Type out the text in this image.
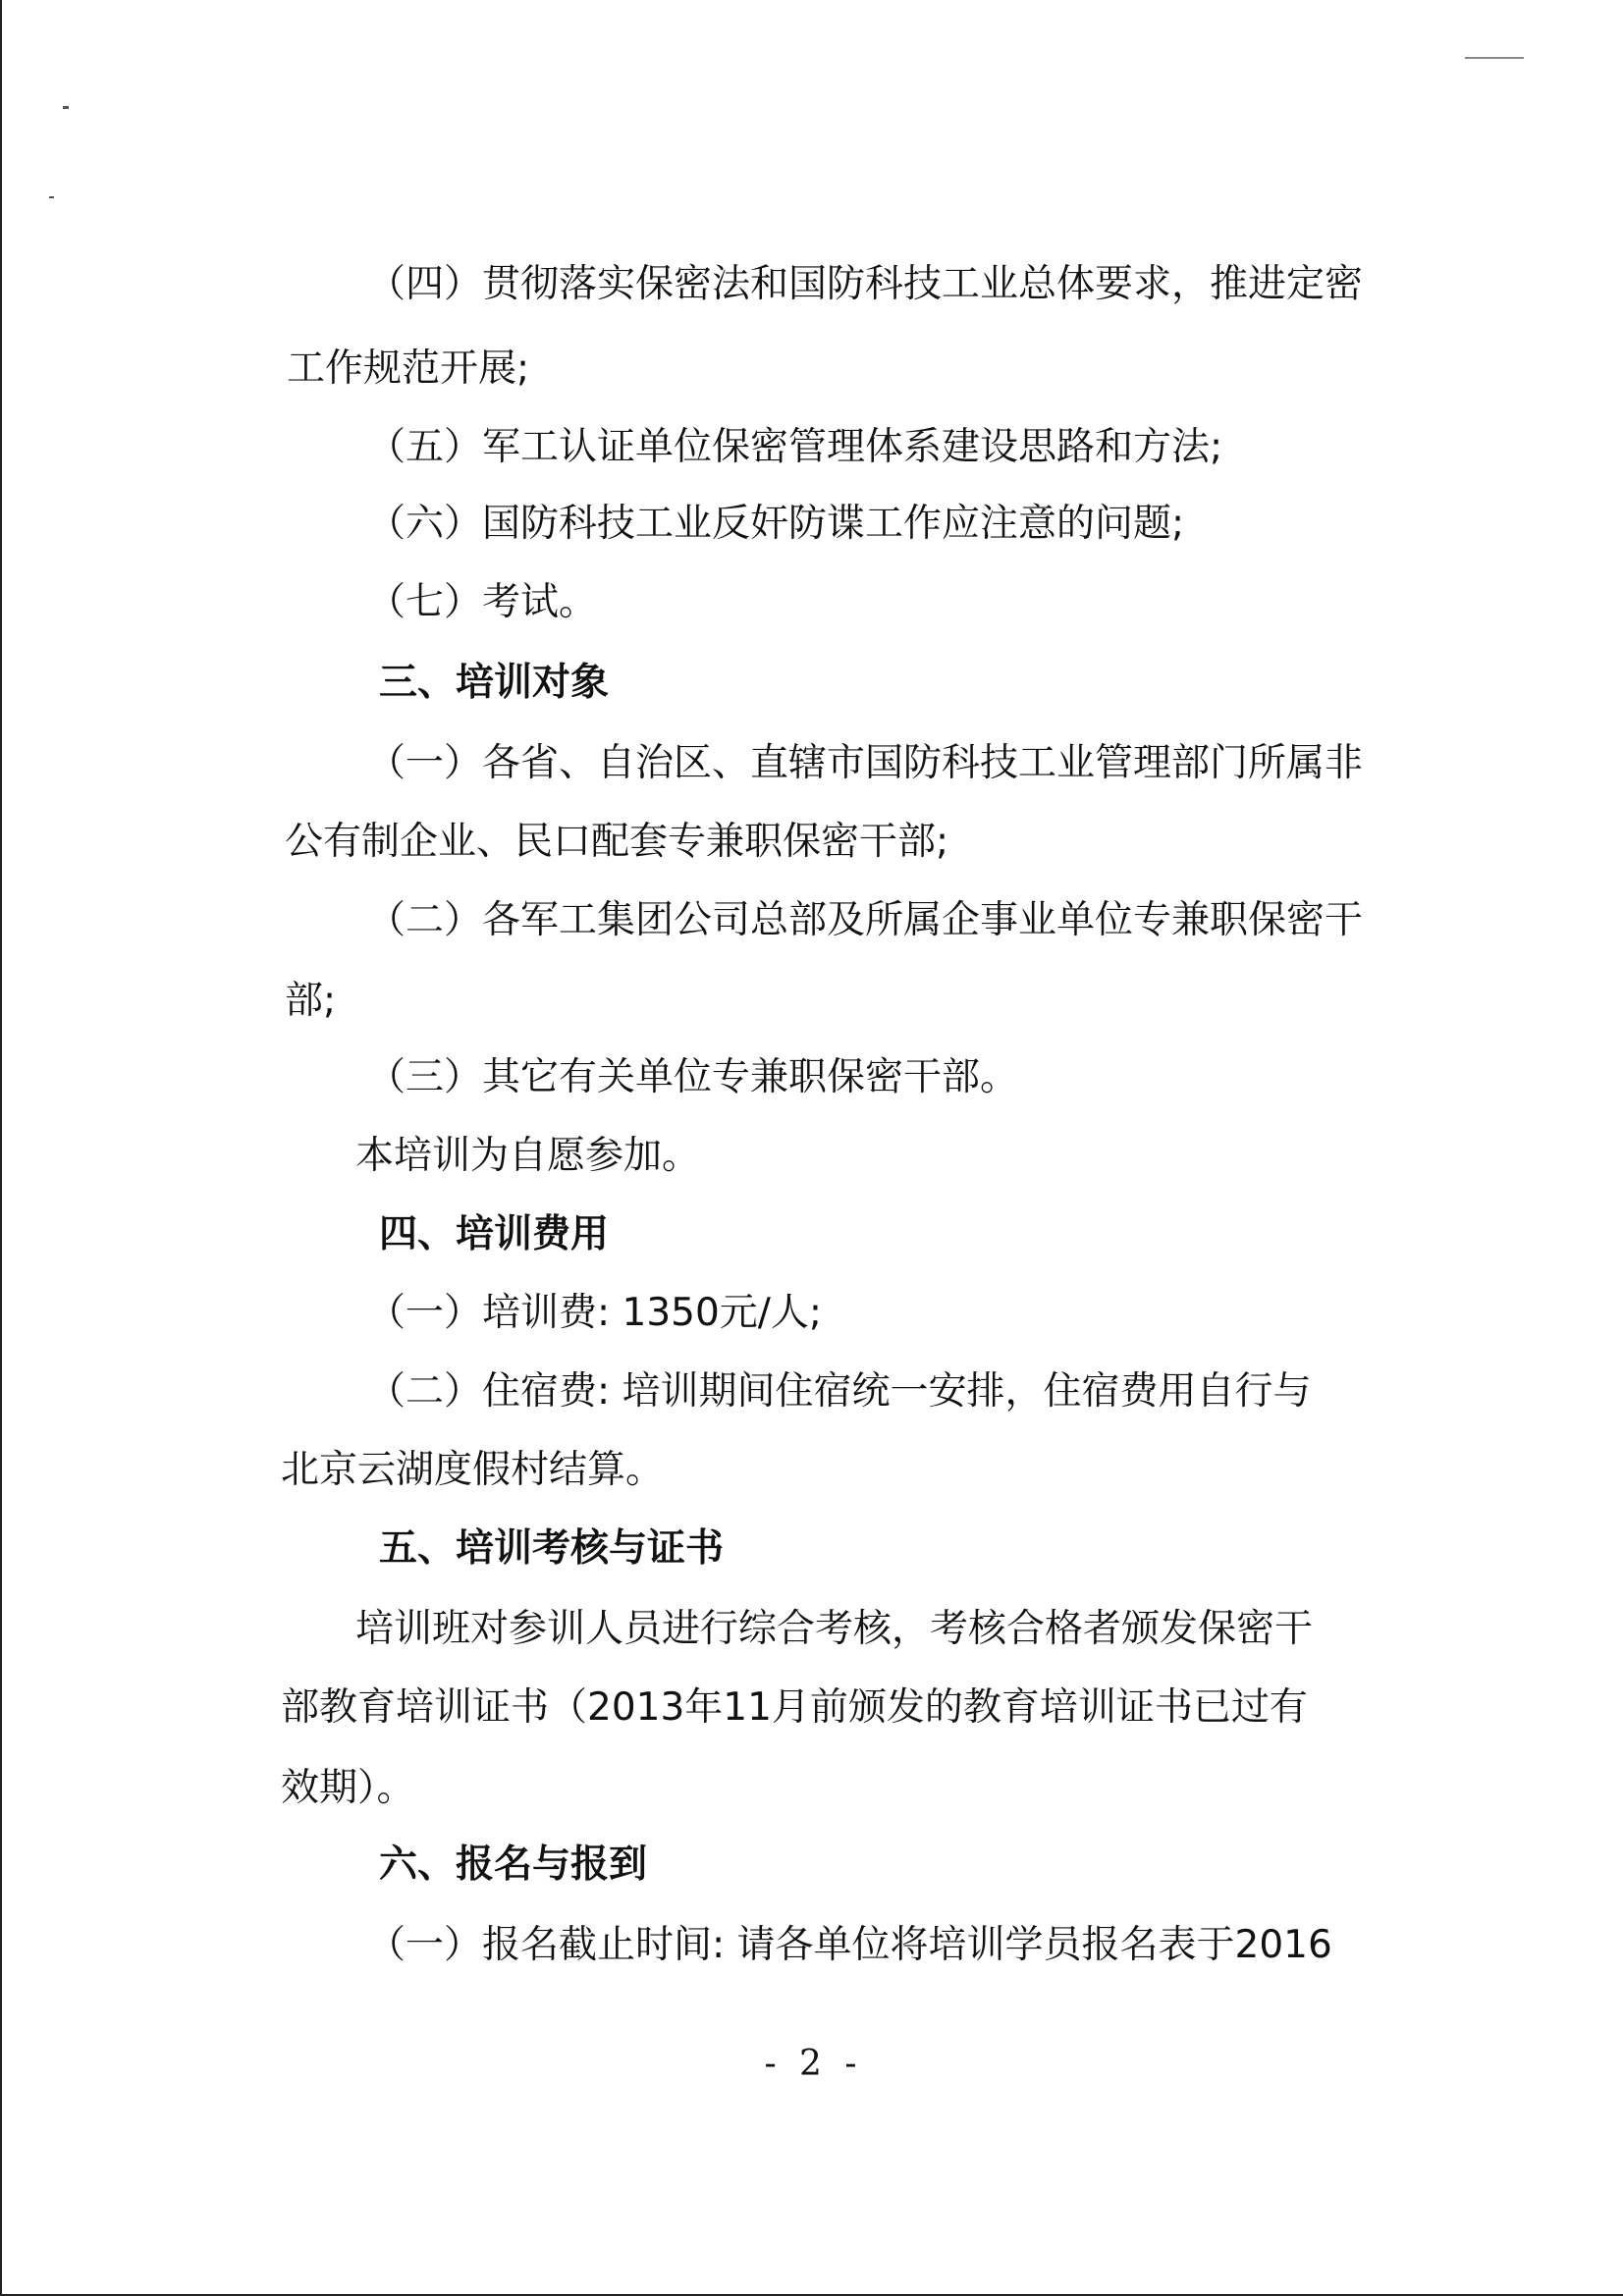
（四）贯彻落实保密法和国防科技工业总体要求，推进定密
工作规范开展;
（五）军工认证单位保密管理体系建设思路和方法;
（六）国防科技工业反奸防谍工作应注意的问题;
（七）考试。
三、培训对象
（一）各省、自治区、直辖市国防科技工业管理部门所属非
公有制企业、民口配套专兼职保密干部;
（二）各军工集团公司总部及所属企事业单位专兼职保密干
部;
（三）其它有关单位专兼职保密干部。
本培训为自愿参加。
四、培训费用
（一）培训费: 1350元/人;
（二）住宿费: 培训期间住宿统一安排，住宿费用自行与
北京云湖度假村结算。
五、培训考核与证书
培训班对参训人员进行综合考核，考核合格者颁发保密干
部教育培训证书（2013年11月前颁发的教育培训证书已过有
效期）。
六、报名与报到
（一）报名截止时间: 请各单位将培训学员报名表于2016
- 2 -
